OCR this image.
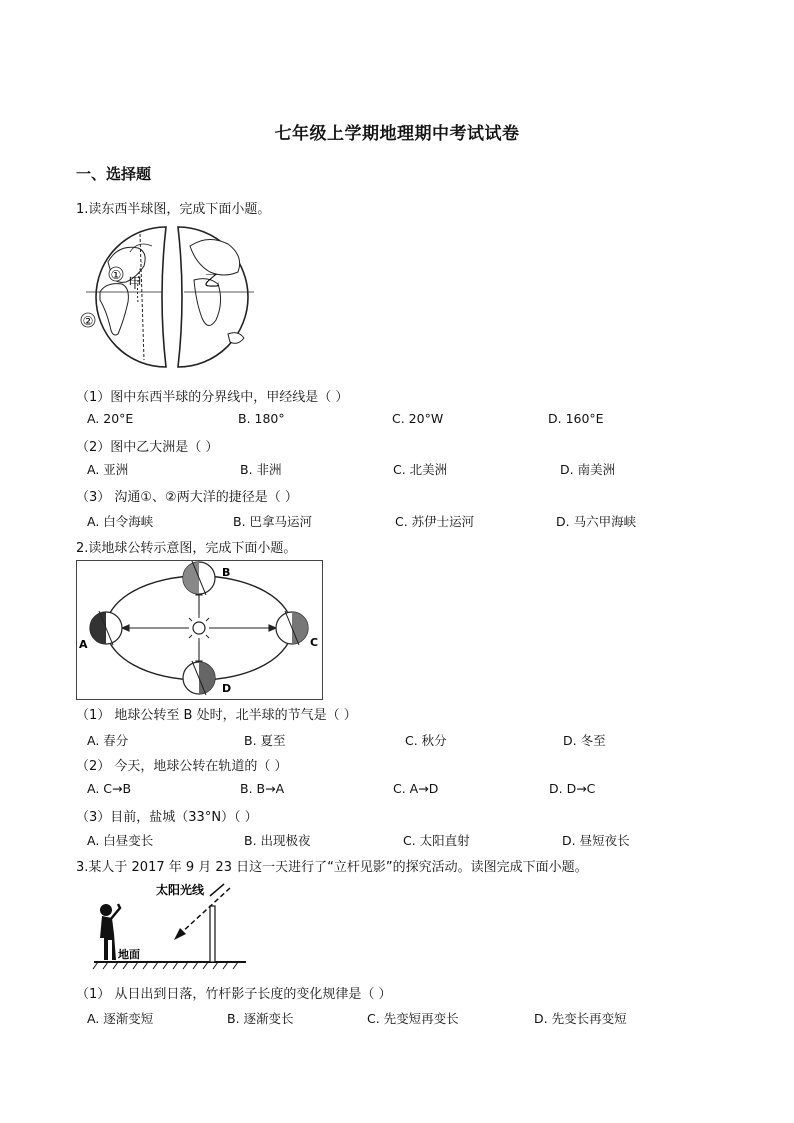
七年级上学期地理期中考试试卷
一、选择题
1.读东西半球图，完成下面小题。
①
甲	乙
②
（1）图中东西半球的分界线中，甲经线是（ ）
A. 20°E	B. 180°	C. 20°W	D. 160°E
（2）图中乙大洲是（ ）
A. 亚洲	B. 非洲	C. 北美洲	D. 南美洲
（3） 沟通①、②两大洋的捷径是（ ）
A. 白令海峡	B. 巴拿马运河	C. 苏伊士运河	D. 马六甲海峡
2.读地球公转示意图，完成下面小题。
B
D
A	C
（1） 地球公转至 B 处时，北半球的节气是（ ）
A. 春分	B. 夏至	C. 秋分	D. 冬至
（2） 今天，地球公转在轨道的（ ）
A. C→B	B. B→A	C. A→D	D. D→C
（3）目前，盐城（33°N）（ ）
A. 白昼变长	B. 出现极夜	C. 太阳直射	D. 昼短夜长
3.某人于 2017 年 9 月 23 日这一天进行了“立杆见影”的探究活动。读图完成下面小题。
太阳光线
地面
（1） 从日出到日落，竹杆影子长度的变化规律是（ ）
A. 逐渐变短	B. 逐渐变长	C. 先变短再变长	D. 先变长再变短
